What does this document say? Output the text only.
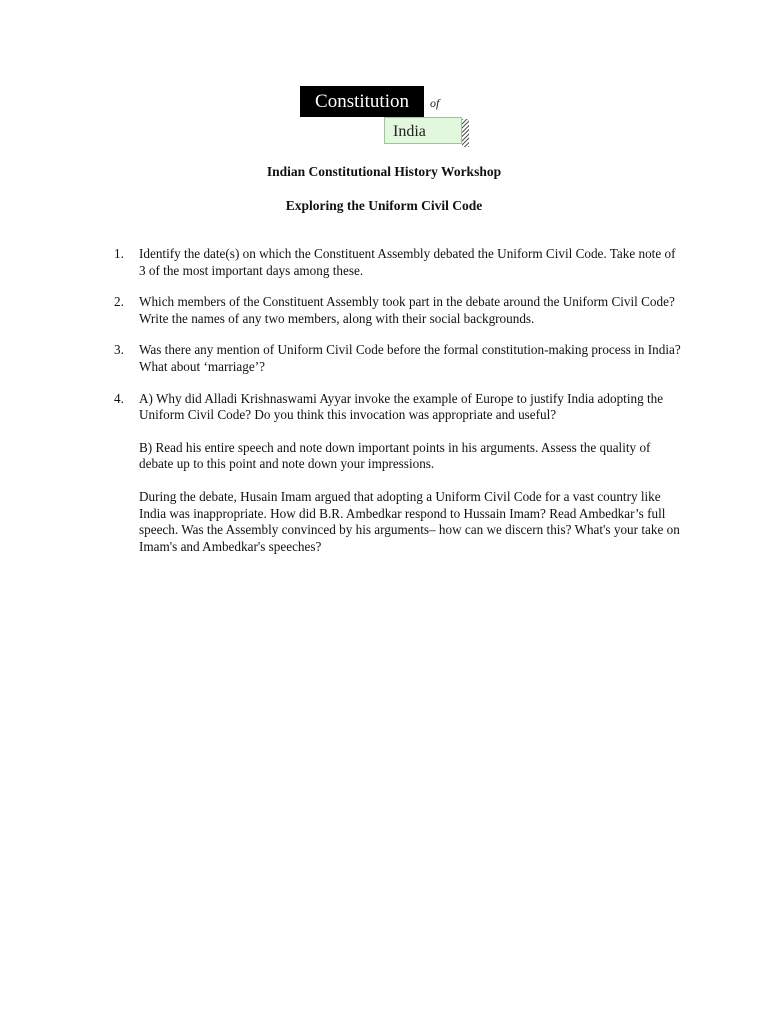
Constitution	of
India
Indian Constitutional History Workshop
Exploring the Uniform Civil Code
1.	Identify the date(s) on which the Constituent Assembly debated the Uniform Civil Code. Take note of 3 of the most important days among these.

2.	Which members of the Constituent Assembly took part in the debate around the Uniform Civil Code? Write the names of any two members, along with their social backgrounds.

3.	Was there any mention of Uniform Civil Code before the formal constitution-making process in India? What about ‘marriage’?

4.	A) Why did Alladi Krishnaswami Ayyar invoke the example of Europe to justify India adopting the Uniform Civil Code? Do you think this invocation was appropriate and useful?

B) Read his entire speech and note down important points in his arguments. Assess the quality of debate up to this point and note down your impressions.

During the debate, Husain Imam argued that adopting a Uniform Civil Code for a vast country like India was inappropriate. How did B.R. Ambedkar respond to Hussain Imam? Read Ambedkar’s full speech. Was the Assembly convinced by his arguments– how can we discern this? What's your take on Imam's and Ambedkar's speeches?
